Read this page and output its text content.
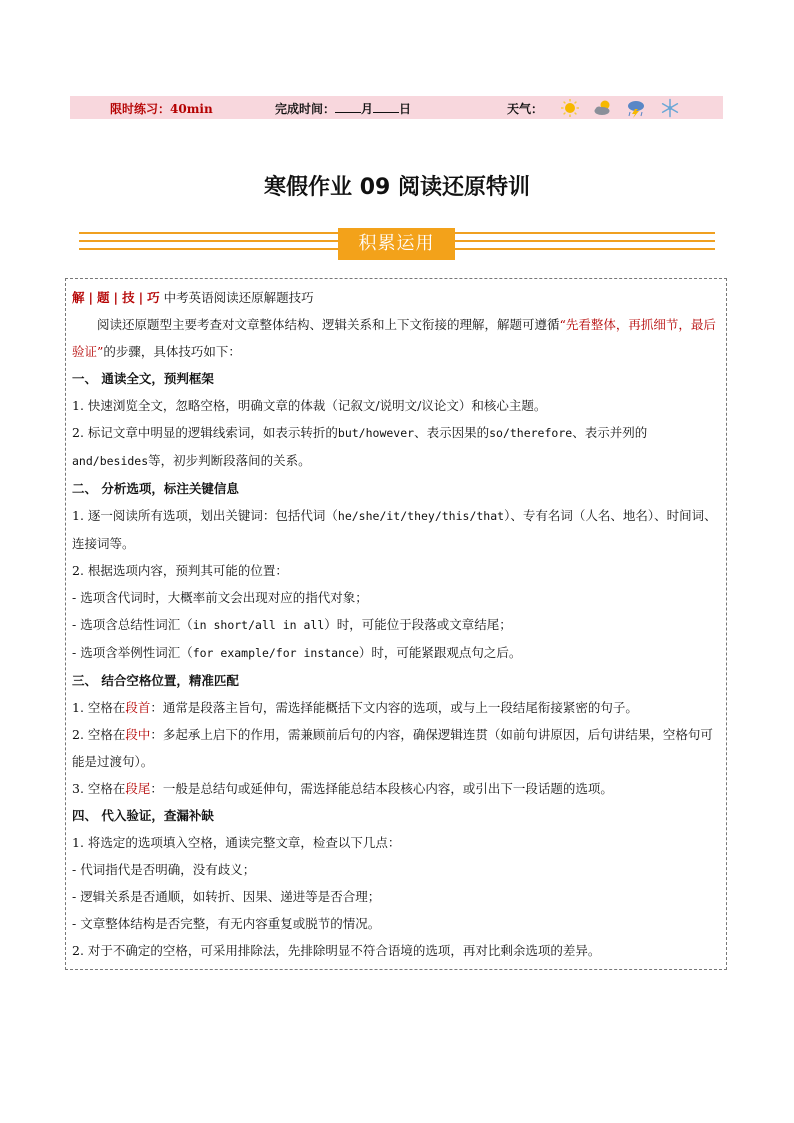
限时练习：40min	完成时间： 月 日	天气：
寒假作业 09 阅读还原特训
积累运用

解 | 题 | 技 | 巧 中考英语阅读还原解题技巧

阅读还原题型主要考查对文章整体结构、逻辑关系和上下文衔接的理解，解题可遵循“先看整体，再抓细节，最后验证”的步骤，具体技巧如下：

一、 通读全文，预判框架

1. 快速浏览全文，忽略空格，明确文章的体裁（记叙文/说明文/议论文）和核心主题。

2. 标记文章中明显的逻辑线索词，如表示转折的but/however、表示因果的so/therefore、表示并列的and/besides等，初步判断段落间的关系。

二、 分析选项，标注关键信息

1. 逐一阅读所有选项，划出关键词：包括代词（he/she/it/they/this/that）、专有名词（人名、地名）、时间词、连接词等。

2. 根据选项内容，预判其可能的位置：

- 选项含代词时，大概率前文会出现对应的指代对象；

- 选项含总结性词汇（in short/all in all）时，可能位于段落或文章结尾；

- 选项含举例性词汇（for example/for instance）时，可能紧跟观点句之后。

三、 结合空格位置，精准匹配

1. 空格在段首：通常是段落主旨句，需选择能概括下文内容的选项，或与上一段结尾衔接紧密的句子。

2. 空格在段中：多起承上启下的作用，需兼顾前后句的内容，确保逻辑连贯（如前句讲原因，后句讲结果，空格句可能是过渡句）。

3. 空格在段尾：一般是总结句或延伸句，需选择能总结本段核心内容，或引出下一段话题的选项。

四、 代入验证，查漏补缺

1. 将选定的选项填入空格，通读完整文章，检查以下几点：

- 代词指代是否明确，没有歧义；

- 逻辑关系是否通顺，如转折、因果、递进等是否合理；

- 文章整体结构是否完整，有无内容重复或脱节的情况。

2. 对于不确定的空格，可采用排除法，先排除明显不符合语境的选项，再对比剩余选项的差异。
